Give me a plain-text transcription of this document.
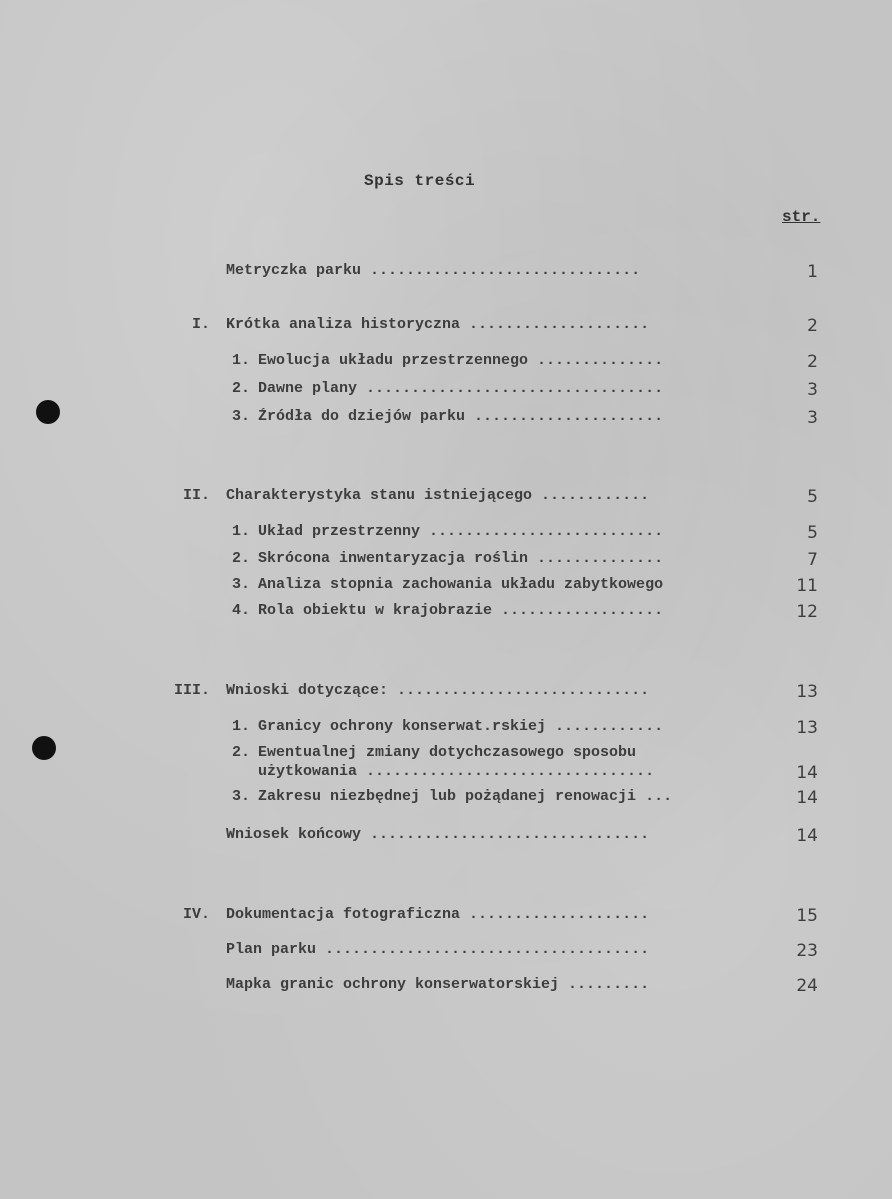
Spis treści
str.
Metryczka parku ..............................	1
I. Krótka analiza historyczna ....................	2
1. Ewolucja układu przestrzennego ..............	2
2. Dawne plany .................................	3
3. Źródła do dziejów parku .....................	3
II. Charakterystyka stanu istniejącego ............	5
1. Układ przestrzenny ..........................	5
2. Skrócona inwentaryzacja roślin ..............	7
3. Analiza stopnia zachowania układu zabytkowego	11
4. Rola obiektu w krajobrazie ..................	12
III. Wnioski dotyczące: ............................	13
1. Granicy ochrony konserwat.rskiej ............	13
2. Ewentualnej zmiany dotychczasowego sposobu
użytkowania ................................	14
3. Zakresu niezbędnej lub pożądanej renowacji ...	14
Wniosek końcowy ...............................	14
IV. Dokumentacja fotograficzna ....................	15
Plan parku ....................................	23
Mapka granic ochrony konserwatorskiej .........	24
